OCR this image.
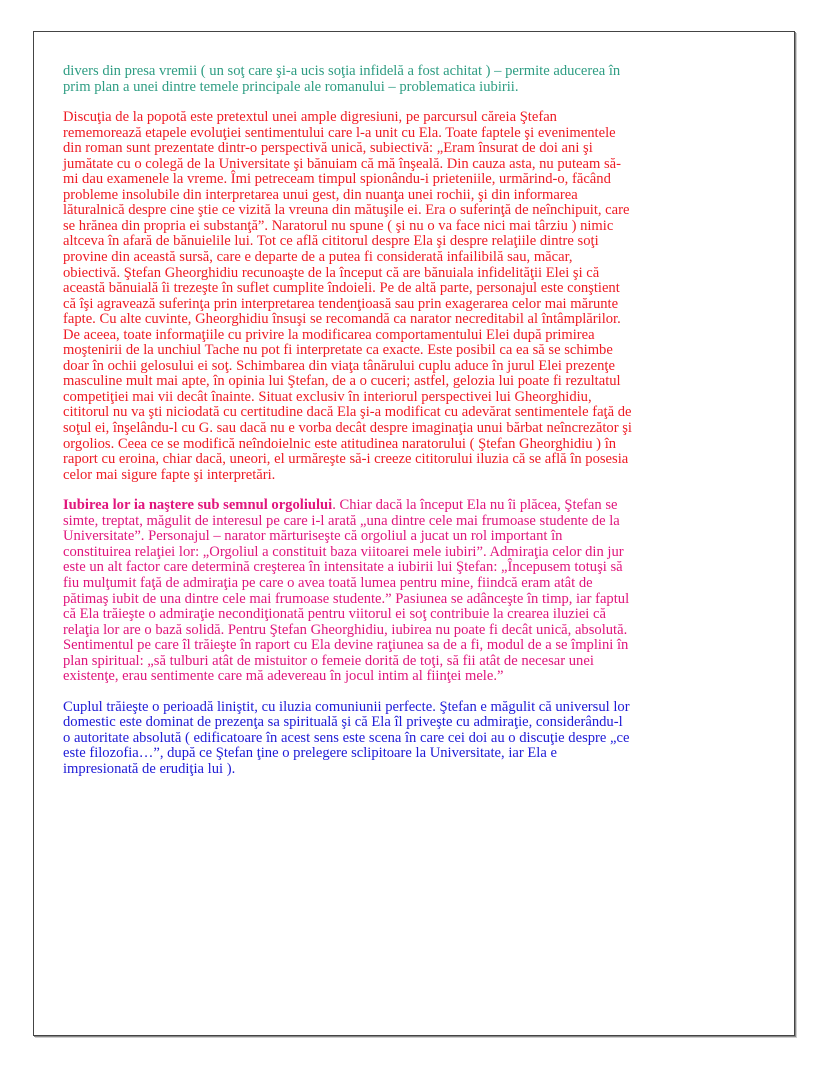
divers din presa vremii ( un soţ care şi-a ucis soţia infidelă a fost achitat ) – permite aducerea în
prim plan a unei dintre temele principale ale romanului – problematica iubirii.

Discuţia de la popotă este pretextul unei ample digresiuni, pe parcursul căreia Ştefan
rememorează etapele evoluţiei sentimentului care l-a unit cu Ela. Toate faptele şi evenimentele
din roman sunt prezentate dintr-o perspectivă unică, subiectivă: „Eram însurat de doi ani şi
jumătate cu o colegă de la Universitate şi bănuiam că mă înşeală. Din cauza asta, nu puteam să-
mi dau examenele la vreme. Îmi petreceam timpul spionându-i prieteniile, urmărind-o, făcând
probleme insolubile din interpretarea unui gest, din nuanţa unei rochii, şi din informarea
lăturalnică despre cine ştie ce vizită la vreuna din mătuşile ei. Era o suferinţă de neînchipuit, care
se hrănea din propria ei substanţă”. Naratorul nu spune ( şi nu o va face nici mai târziu ) nimic
altceva în afară de bănuielile lui. Tot ce află cititorul despre Ela şi despre relaţiile dintre soţi
provine din această sursă, care e departe de a putea fi considerată infailibilă sau, măcar,
obiectivă. Ştefan Gheorghidiu recunoaşte de la început că are bănuiala infidelităţii Elei şi că
această bănuială îi trezeşte în suflet cumplite îndoieli. Pe de altă parte, personajul este conştient
că îşi agravează suferinţa prin interpretarea tendenţioasă sau prin exagerarea celor mai mărunte
fapte. Cu alte cuvinte, Gheorghidiu însuşi se recomandă ca narator necreditabil al întâmplărilor.
De aceea, toate informaţiile cu privire la modificarea comportamentului Elei după primirea
moştenirii de la unchiul Tache nu pot fi interpretate ca exacte. Este posibil ca ea să se schimbe
doar în ochii gelosului ei soţ. Schimbarea din viaţa tânărului cuplu aduce în jurul Elei prezenţe
masculine mult mai apte, în opinia lui Ştefan, de a o cuceri; astfel, gelozia lui poate fi rezultatul
competiţiei mai vii decât înainte. Situat exclusiv în interiorul perspectivei lui Gheorghidiu,
cititorul nu va şti niciodată cu certitudine dacă Ela şi-a modificat cu adevărat sentimentele faţă de
soţul ei, înşelându-l cu G. sau dacă nu e vorba decât despre imaginaţia unui bărbat neîncrezător şi
orgolios. Ceea ce se modifică neîndoielnic este atitudinea naratorului ( Ştefan Gheorghidiu ) în
raport cu eroina, chiar dacă, uneori, el urmăreşte să-i creeze cititorului iluzia că se află în posesia
celor mai sigure fapte şi interpretări.

Iubirea lor ia naştere sub semnul orgoliului. Chiar dacă la început Ela nu îi plăcea, Ştefan se
simte, treptat, măgulit de interesul pe care i-l arată „una dintre cele mai frumoase studente de la
Universitate”. Personajul – narator mărturiseşte că orgoliul a jucat un rol important în
constituirea relaţiei lor: „Orgoliul a constituit baza viitoarei mele iubiri”. Admiraţia celor din jur
este un alt factor care determină creşterea în intensitate a iubirii lui Ştefan: „Începusem totuşi să
fiu mulţumit faţă de admiraţia pe care o avea toată lumea pentru mine, fiindcă eram atât de
pătimaş iubit de una dintre cele mai frumoase studente.” Pasiunea se adânceşte în timp, iar faptul
că Ela trăieşte o admiraţie necondiţionată pentru viitorul ei soţ contribuie la crearea iluziei că
relaţia lor are o bază solidă. Pentru Ştefan Gheorghidiu, iubirea nu poate fi decât unică, absolută.
Sentimentul pe care îl trăieşte în raport cu Ela devine raţiunea sa de a fi, modul de a se împlini în
plan spiritual: „să tulburi atât de mistuitor o femeie dorită de toţi, să fii atât de necesar unei
existenţe, erau sentimente care mă adevereau în jocul intim al fiinţei mele.”

Cuplul trăieşte o perioadă liniştit, cu iluzia comuniunii perfecte. Ştefan e măgulit că universul lor
domestic este dominat de prezenţa sa spirituală şi că Ela îl priveşte cu admiraţie, considerându-l
o autoritate absolută ( edificatoare în acest sens este scena în care cei doi au o discuţie despre „ce
este filozofia…”, după ce Ştefan ţine o prelegere sclipitoare la Universitate, iar Ela e
impresionată de erudiţia lui ).
